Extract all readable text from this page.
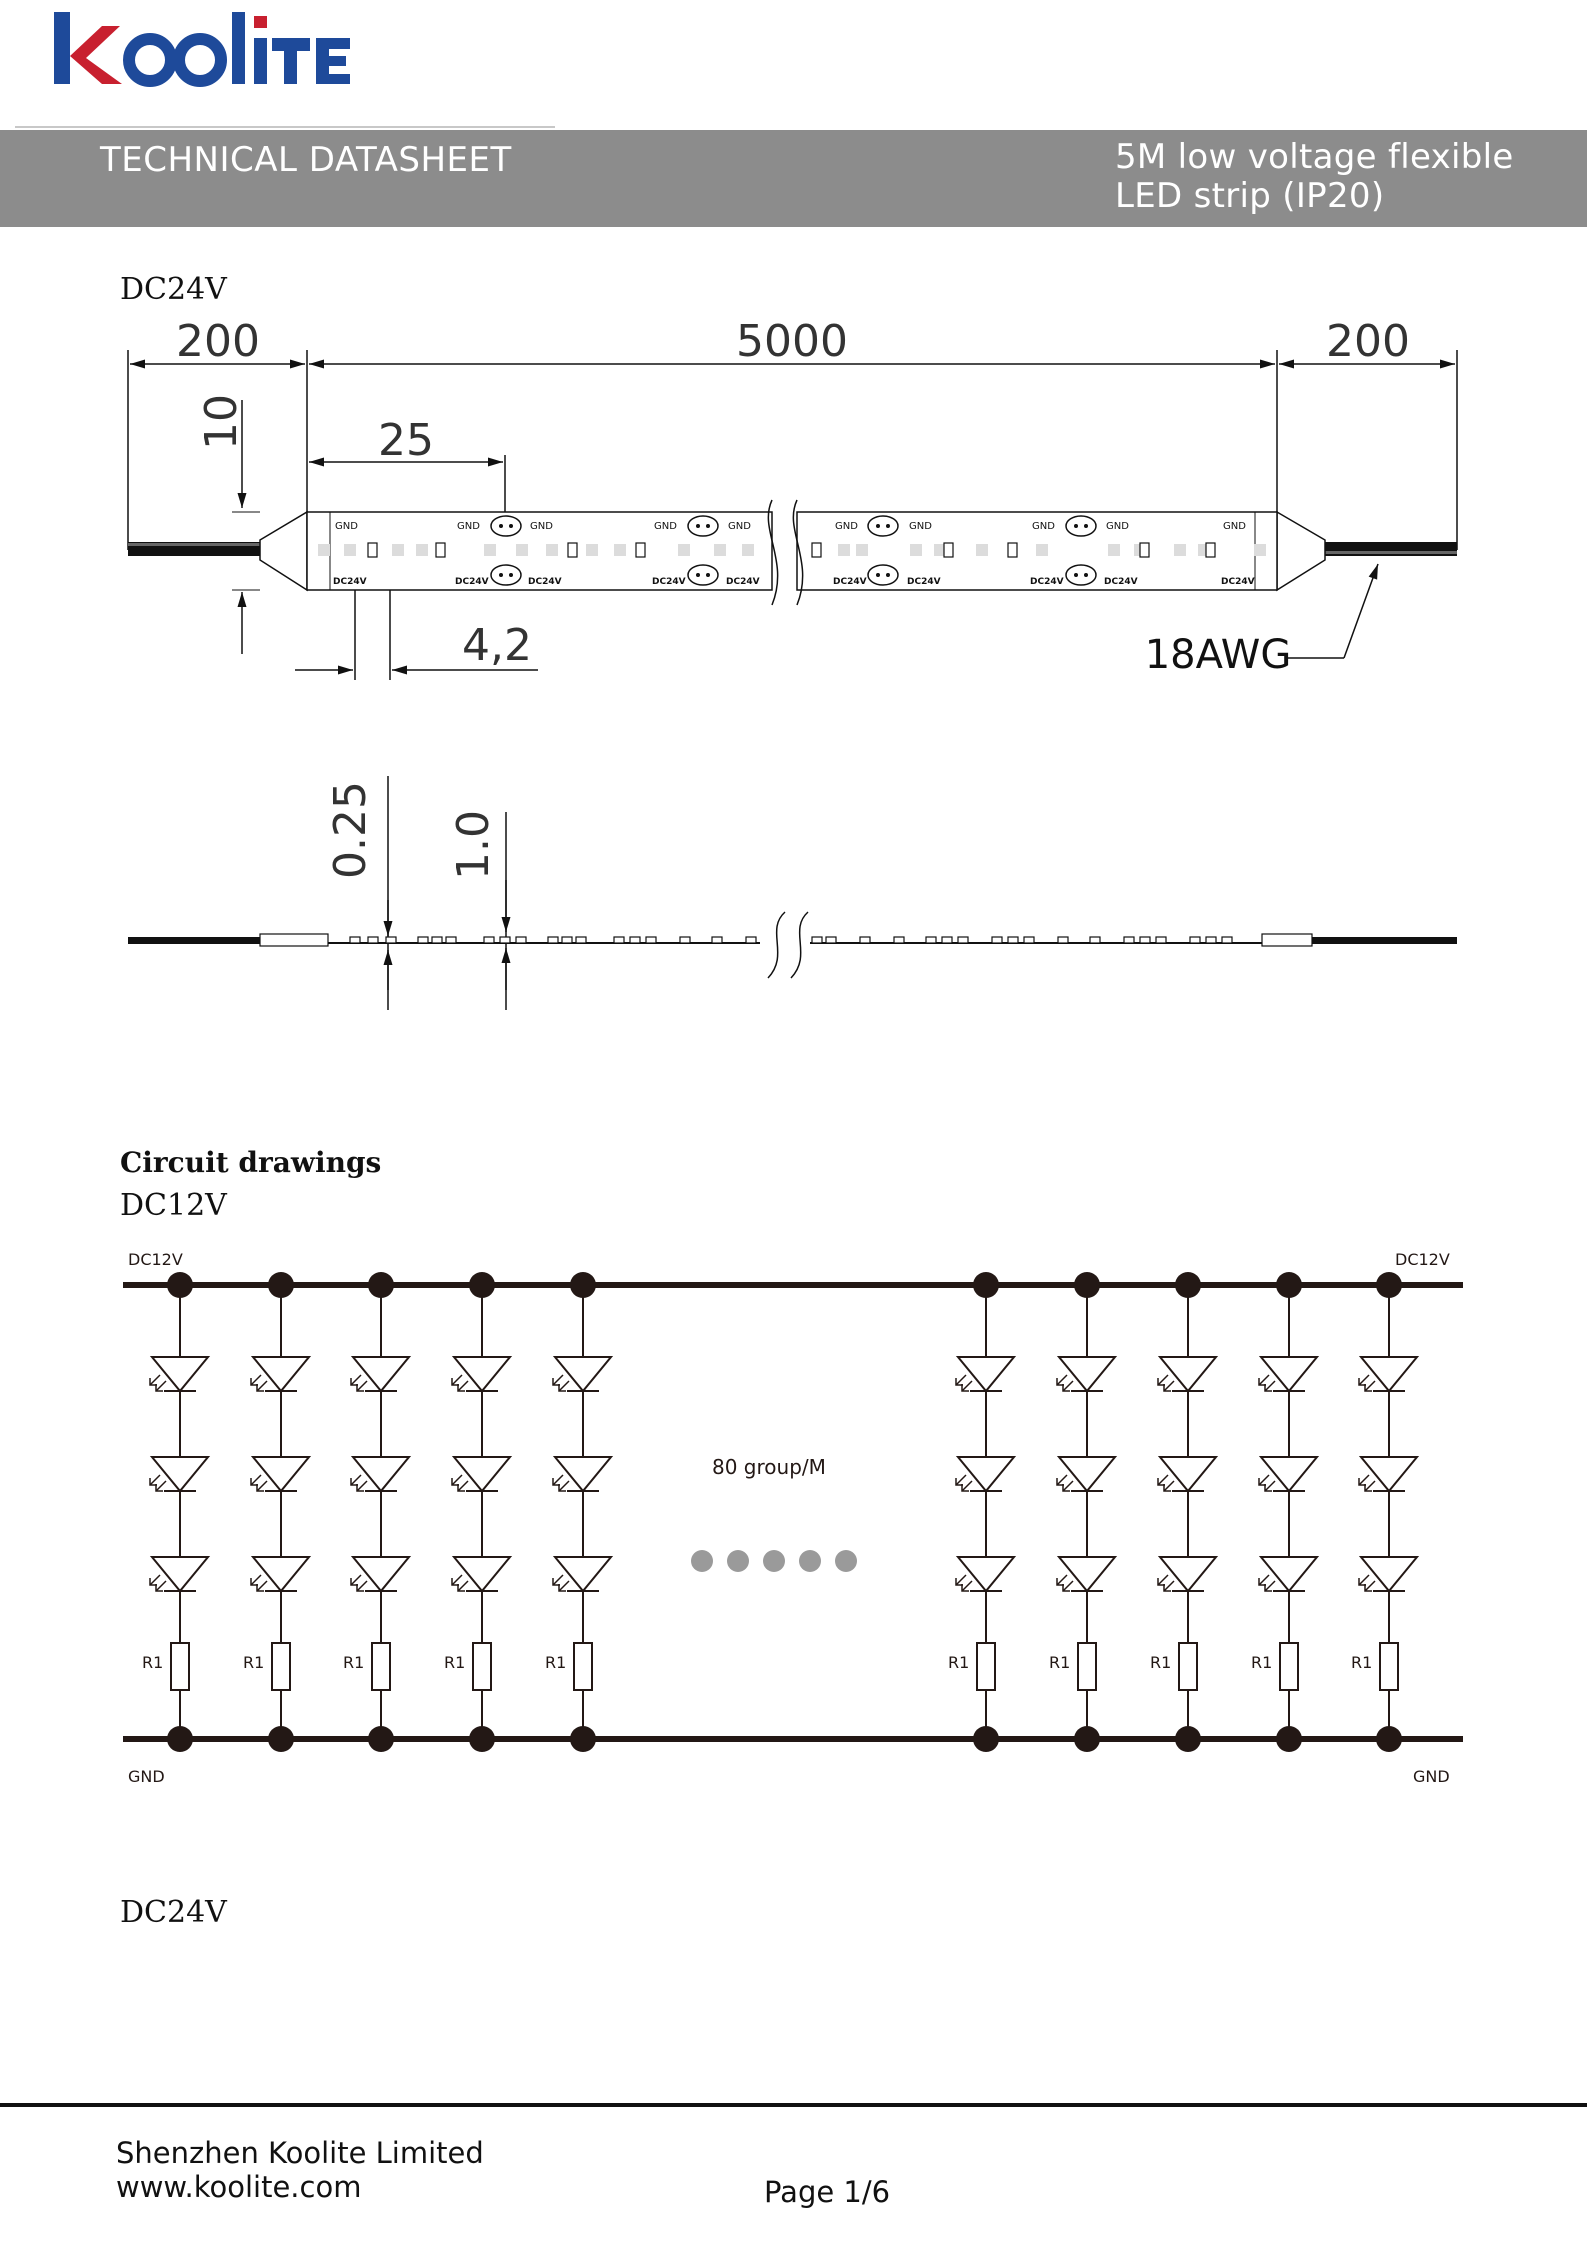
TECHNICAL DATASHEET	5M low voltage flexible
LED strip (IP20)
DC24V
200	5000	200
25
4,2
10
GND	GND	GND	GND	GND	GND	GND	GND	GND	GND
DC24V	DC24V	DC24V	DC24V	DC24V	DC24V	DC24V	DC24V	DC24V	DC24V
18AWG
0.25 1.0
Circuit drawings
DC12V
DC12V	DC12V
GND	GND
80 group/M
R1	R1	R1	R1	R1	R1	R1	R1	R1	R1
DC24V
Shenzhen Koolite Limited
www.koolite.com	Page 1/6
